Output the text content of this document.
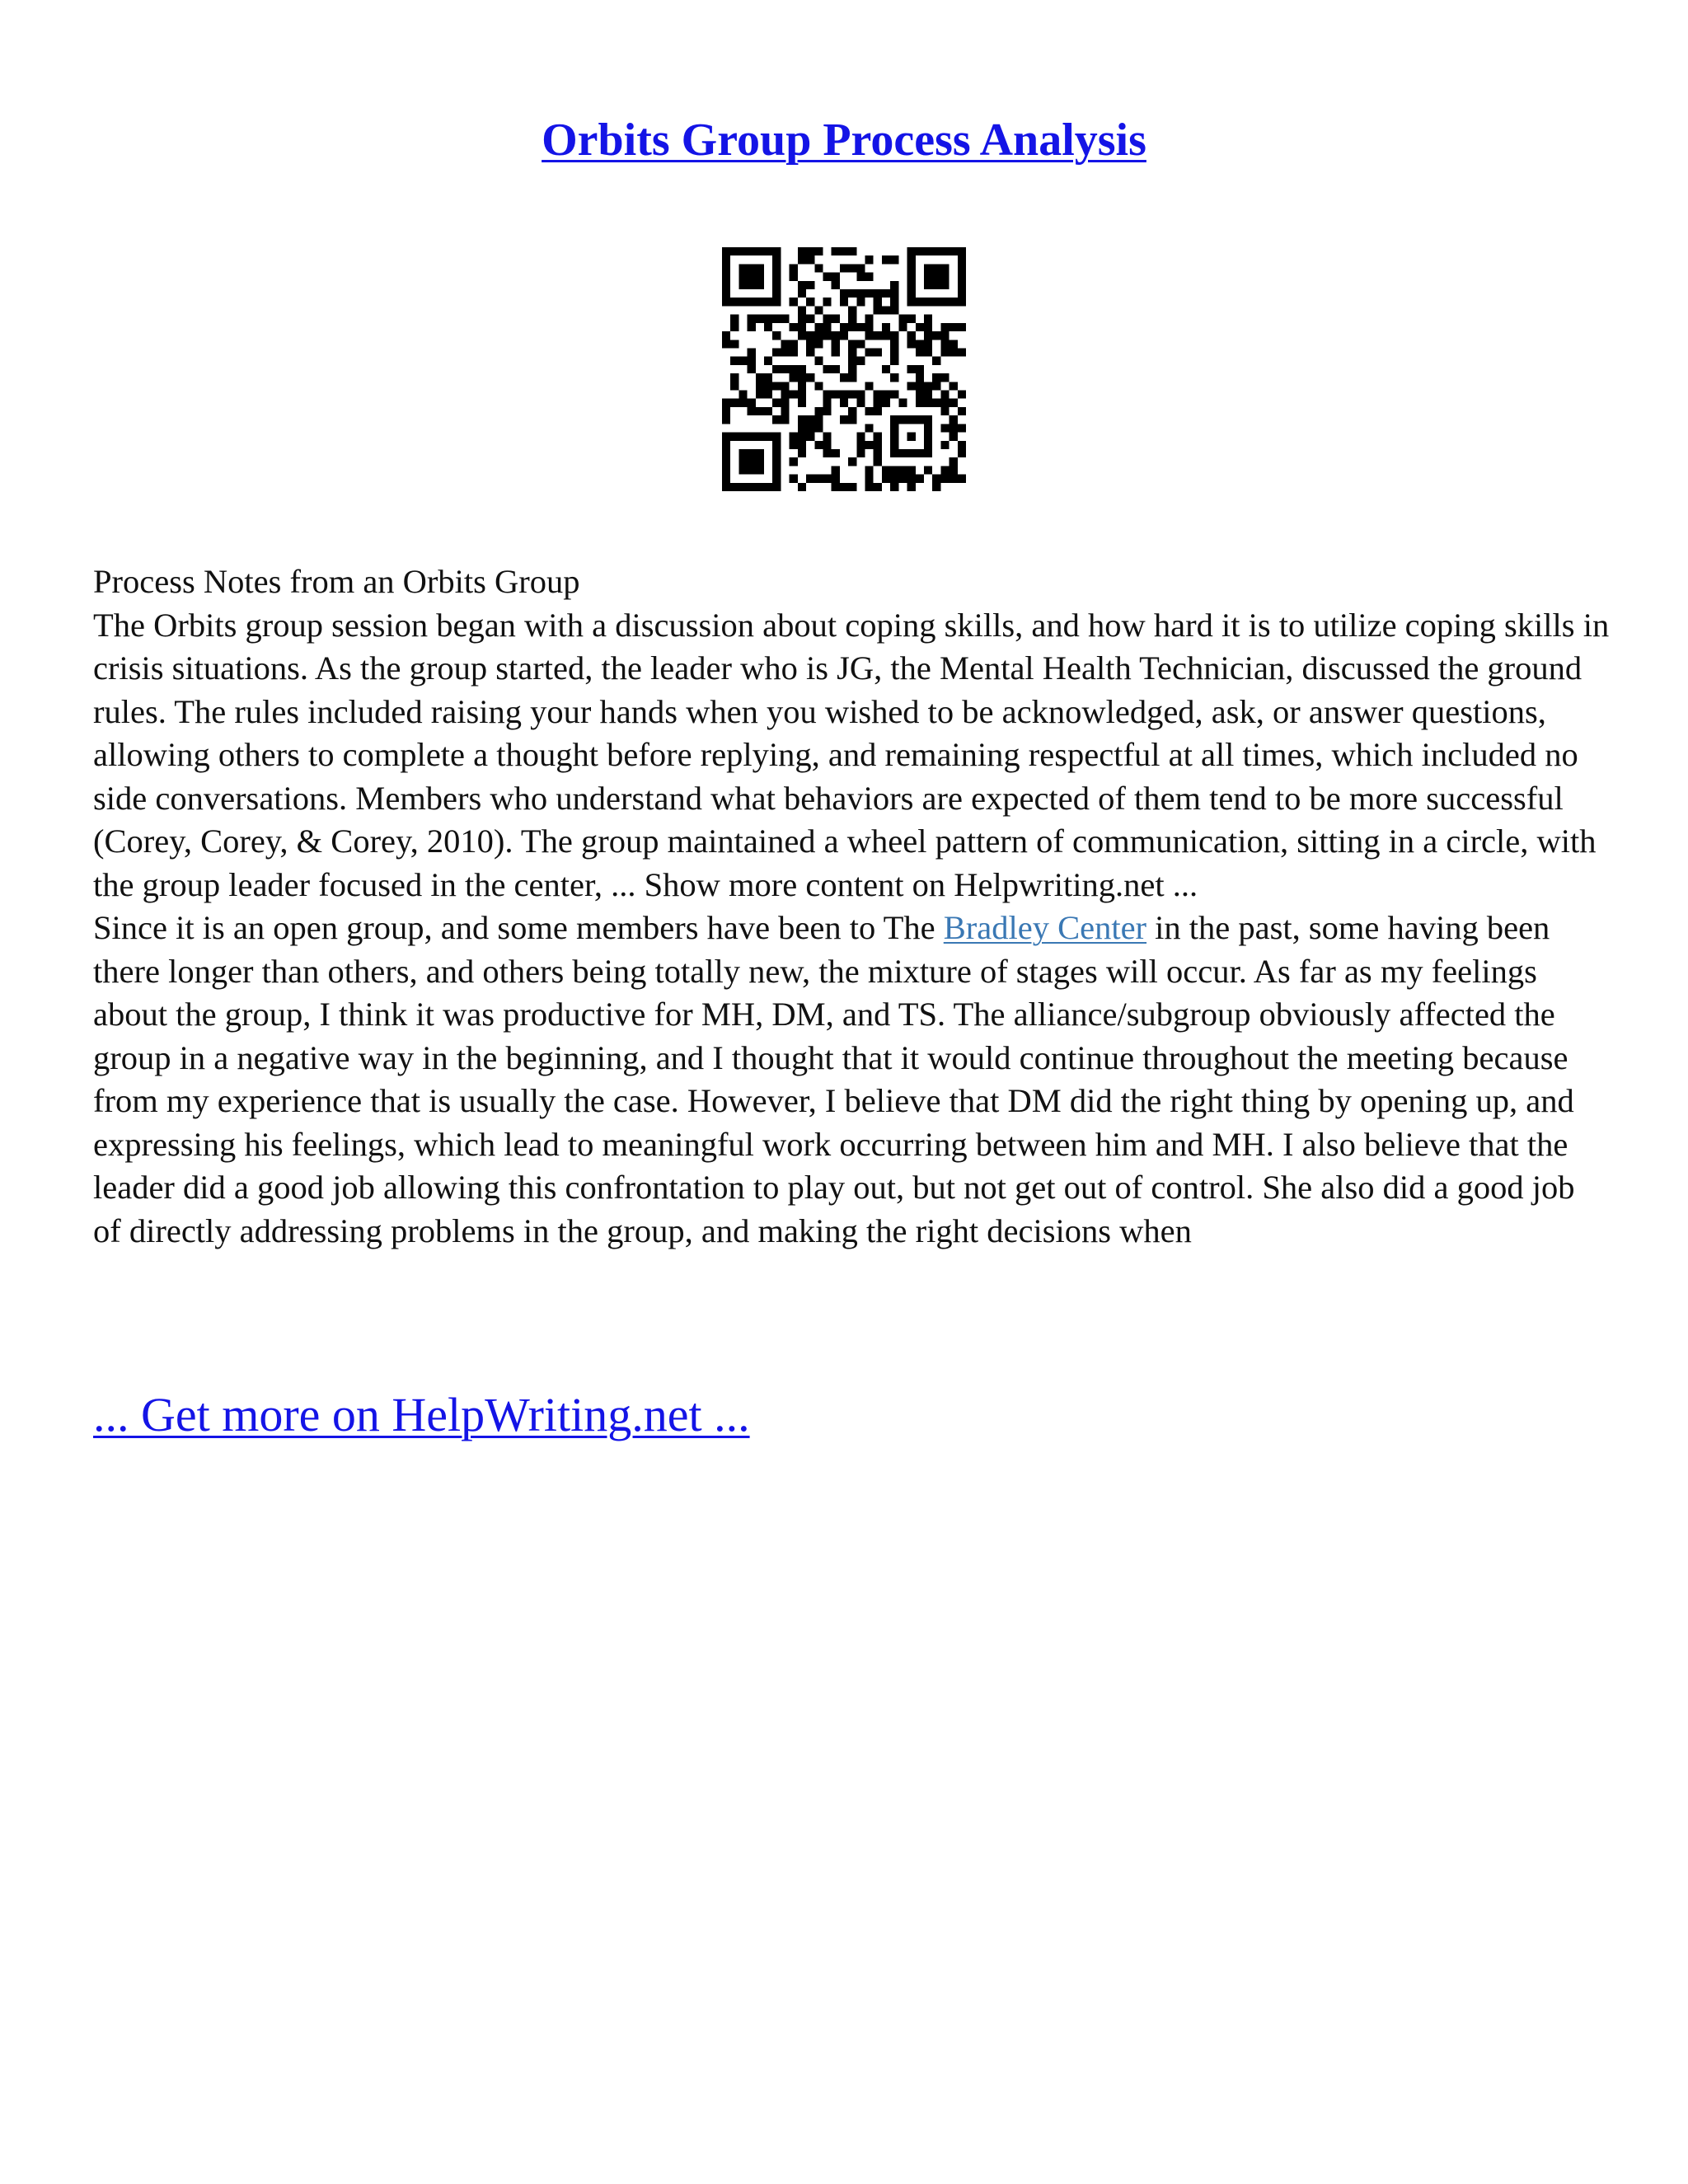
Orbits Group Process Analysis

Process Notes from an Orbits Group

The Orbits group session began with a discussion about coping skills, and how hard it is to utilize coping skills in crisis situations. As the group started, the leader who is JG, the Mental Health Technician, discussed the ground rules. The rules included raising your hands when you wished to be acknowledged, ask, or answer questions, allowing others to complete a thought before replying, and remaining respectful at all times, which included no side conversations. Members who understand what behaviors are expected of them tend to be more successful (Corey, Corey, & Corey, 2010). The group maintained a wheel pattern of communication, sitting in a circle, with the group leader focused in the center, ... Show more content on Helpwriting.net ...

Since it is an open group, and some members have been to The Bradley Center in the past, some having been there longer than others, and others being totally new, the mixture of stages will occur. As far as my feelings about the group, I think it was productive for MH, DM, and TS. The alliance/subgroup obviously affected the group in a negative way in the beginning, and I thought that it would continue throughout the meeting because from my experience that is usually the case. However, I believe that DM did the right thing by opening up, and expressing his feelings, which lead to meaningful work occurring between him and MH. I also believe that the leader did a good job allowing this confrontation to play out, but not get out of control. She also did a good job of directly addressing problems in the group, and making the right decisions when

... Get more on HelpWriting.net ...
